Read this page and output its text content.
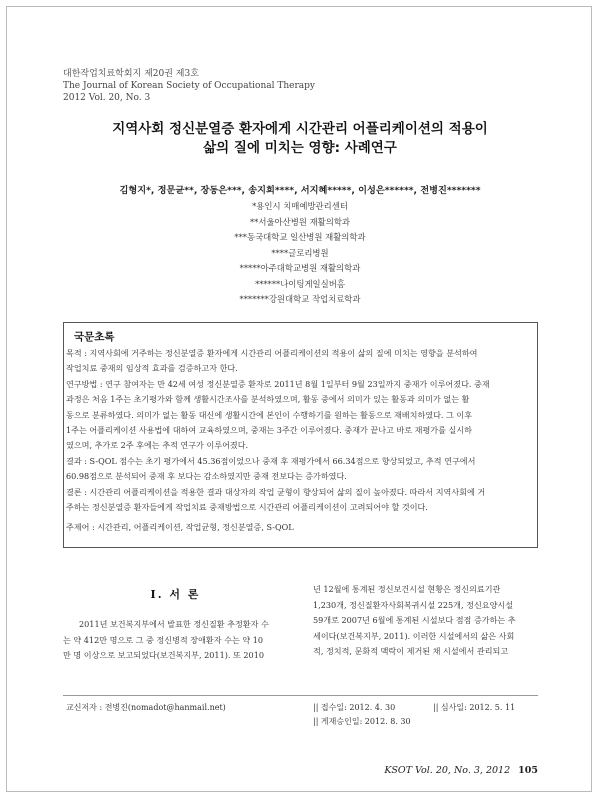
대한작업치료학회지 제20권 제3호
The Journal of Korean Society of Occupational Therapy
2012 Vol. 20, No. 3
지역사회 정신분열증 환자에게 시간관리 어플리케이션의 적용이
삶의 질에 미치는 영향: 사례연구
김형지*, 정문균**, 장동은***, 송지희****, 서지혜*****, 이성은******, 전병진*******
*용인시 치매예방관리센터
**서울아산병원 재활의학과
***동국대학교 일산병원 재활의학과
****글로리병원
*****아주대학교병원 재활의학과
******나이팅게일실버홈
*******강원대학교 작업치료학과
국문초록
목적 : 지역사회에 거주하는 정신분열증 환자에게 시간관리 어플리케이션의 적용이 삶의 질에 미치는 영향을 분석하여
작업치료 중재의 임상적 효과를 검증하고자 한다.
연구방법 : 연구 참여자는 만 42세 여성 정신분열증 환자로 2011년 8월 1일부터 9월 23일까지 중재가 이루어졌다. 중재
과정은 처음 1주는 초기평가와 함께 생활시간조사를 분석하였으며, 활동 중에서 의미가 있는 활동과 의미가 없는 활
동으로 분류하였다. 의미가 없는 활동 대신에 생활시간에 본인이 수행하기를 원하는 활동으로 재배치하였다. 그 이후
1주는 어플리케이션 사용법에 대하여 교육하였으며, 중재는 3주간 이루어졌다. 중재가 끝나고 바로 재평가를 실시하
였으며, 추가로 2주 후에는 추적 연구가 이루어졌다.
결과 : S-QOL 점수는 초기 평가에서 45.36점이었으나 중재 후 재평가에서 66.34점으로 향상되었고, 추적 연구에서
60.98점으로 분석되어 중재 후 보다는 감소하였지만 중재 전보다는 증가하였다.
결론 : 시간관리 어플리케이션을 적용한 결과 대상자의 작업 균형이 향상되어 삶의 질이 높아졌다. 따라서 지역사회에 거
주하는 정신분열증 환자들에게 작업치료 중재방법으로 시간관리 어플리케이션이 고려되어야 할 것이다.
주제어 : 시간관리, 어플리케이션, 작업균형, 정신분열증, S-QOL
Ⅰ. 서 론
2011년 보건복지부에서 발표한 정신질환 추정환자 수
는 약 412만 명으로 그 중 정신병적 장애환자 수는 약 10
만 명 이상으로 보고되었다(보건복지부, 2011). 또 2010
년 12월에 통계된 정신보건시설 현황은 정신의료기관
1,230개, 정신질환자사회복귀시설 225개, 정신요양시설
59개로 2007년 6월에 통계된 시설보다 점점 증가하는 추
세이다(보건복지부, 2011). 이러한 시설에서의 삶은 사회
적, 정치적, 문화적 맥락이 제거된 채 시설에서 관리되고
교신저자 : 전병진(nomadot@hanmail.net)	|| 접수일: 2012. 4. 30	|| 심사일: 2012. 5. 11
|| 게재승인일: 2012. 8. 30
KSOT Vol. 20, No. 3, 2012 105
